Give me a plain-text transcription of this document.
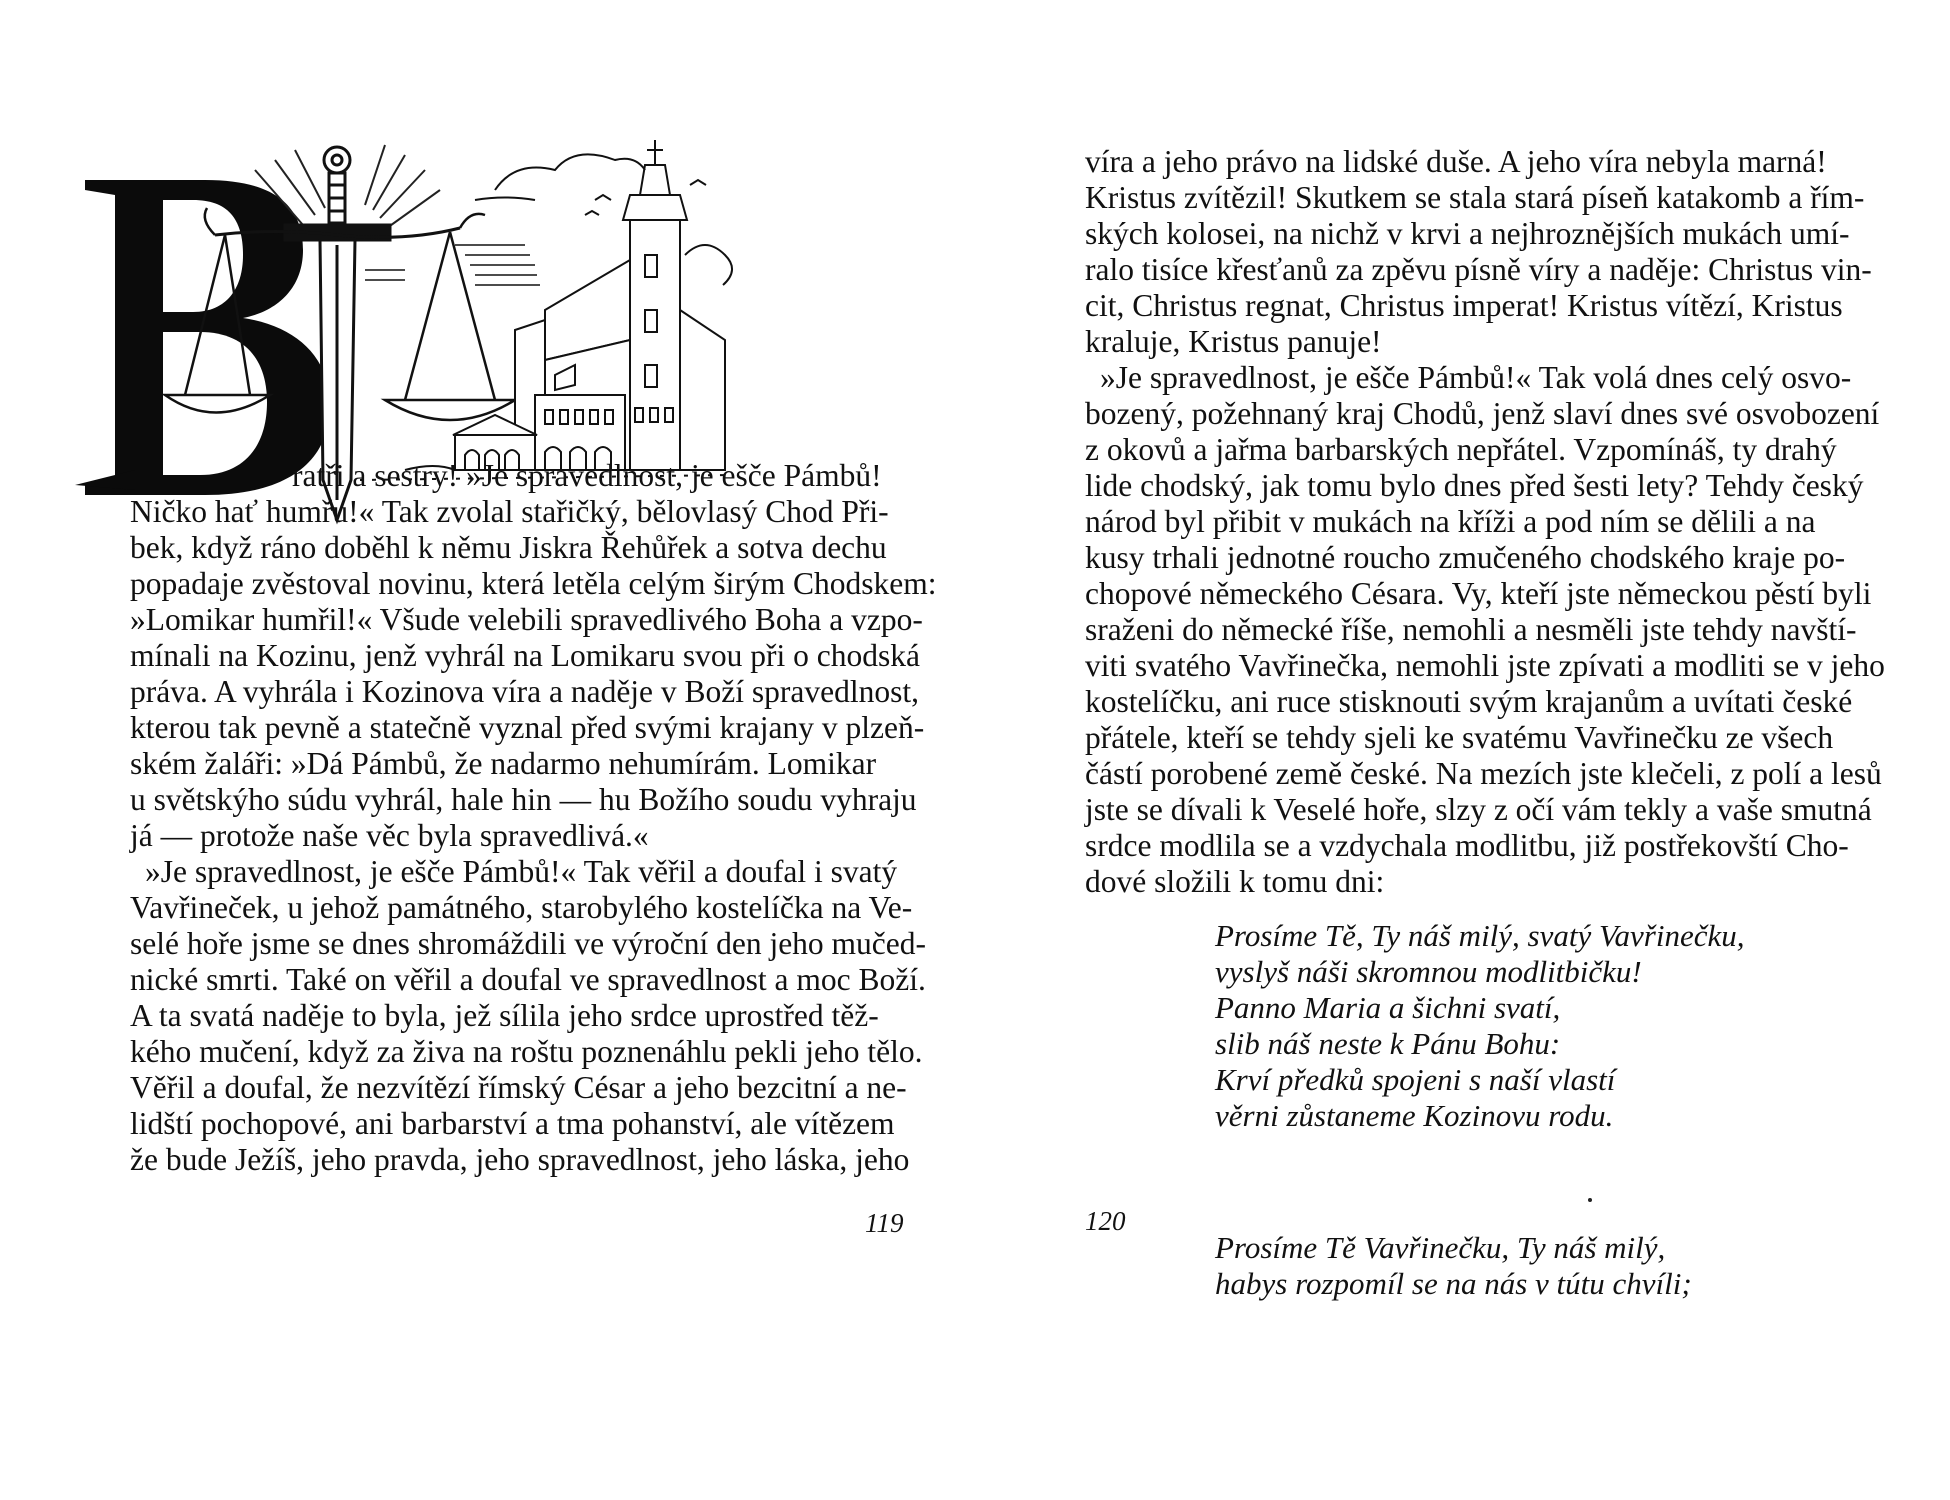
ratři a sestry! »Je spravedlnost, je ešče Pámbů!
Ničko hať humřu!« Tak zvolal stařičký, bělovlasý Chod Při-
bek, když ráno doběhl k němu Jiskra Řehůřek a sotva dechu
popadaje zvěstoval novinu, která letěla celým širým Chodskem:
»Lomikar humřil!« Všude velebili spravedlivého Boha a vzpo-
mínali na Kozinu, jenž vyhrál na Lomikaru svou při o chodská
práva. A vyhrála i Kozinova víra a naděje v Boží spravedlnost,
kterou tak pevně a statečně vyznal před svými krajany v plzeň-
ském žaláři: »Dá Pámbů, že nadarmo nehumírám. Lomikar
u světskýho súdu vyhrál, hale hin — hu Božího soudu vyhraju
já — protože naše věc byla spravedlivá.«
»Je spravedlnost, je ešče Pámbů!« Tak věřil a doufal i svatý
Vavřineček, u jehož památného, starobylého kostelíčka na Ve-
selé hoře jsme se dnes shromáždili ve výroční den jeho mučed-
nické smrti. Také on věřil a doufal ve spravedlnost a moc Boží.
A ta svatá naděje to byla, jež sílila jeho srdce uprostřed těž-
kého mučení, když za živa na roštu poznenáhlu pekli jeho tělo.
Věřil a doufal, že nezvítězí římský César a jeho bezcitní a ne-
lidští pochopové, ani barbarství a tma pohanství, ale vítězem
že bude Ježíš, jeho pravda, jeho spravedlnost, jeho láska, jeho
119
víra a jeho právo na lidské duše. A jeho víra nebyla marná!
Kristus zvítězil! Skutkem se stala stará píseň katakomb a řím-
ských kolosei, na nichž v krvi a nejhroznějších mukách umí-
ralo tisíce křesťanů za zpěvu písně víry a naděje: Christus vin-
cit, Christus regnat, Christus imperat! Kristus vítězí, Kristus
kraluje, Kristus panuje!
»Je spravedlnost, je ešče Pámbů!« Tak volá dnes celý osvo-
bozený, požehnaný kraj Chodů, jenž slaví dnes své osvobození
z okovů a jařma barbarských nepřátel. Vzpomínáš, ty drahý
lide chodský, jak tomu bylo dnes před šesti lety? Tehdy český
národ byl přibit v mukách na kříži a pod ním se dělili a na
kusy trhali jednotné roucho zmučeného chodského kraje po-
chopové německého Césara. Vy, kteří jste německou pěstí byli
sraženi do německé říše, nemohli a nesměli jste tehdy navští-
viti svatého Vavřinečka, nemohli jste zpívati a modliti se v jeho
kostelíčku, ani ruce stisknouti svým krajanům a uvítati české
přátele, kteří se tehdy sjeli ke svatému Vavřinečku ze všech
částí porobené země české. Na mezích jste klečeli, z polí a lesů
jste se dívali k Veselé hoře, slzy z očí vám tekly a vaše smutná
srdce modlila se a vzdychala modlitbu, již postřekovští Cho-
dové složili k tomu dni:
Prosíme Tě, Ty náš milý, svatý Vavřinečku,
vyslyš náši skromnou modlitbičku!
Panno Maria a šichni svatí,
slib náš neste k Pánu Bohu:
Krví předků spojeni s naší vlastí
věrni zůstaneme Kozinovu rodu.
Prosíme Tě Vavřinečku, Ty náš milý,
habys rozpomíl se na nás v tútu chvíli;
120
